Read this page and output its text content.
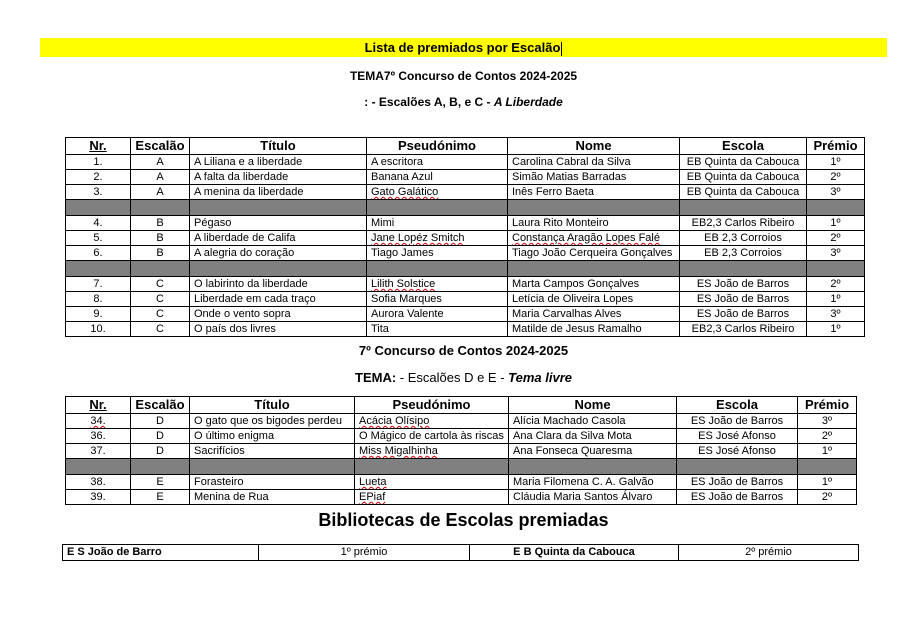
Lista de premiados por Escalão
TEMA7º Concurso de Contos 2024-2025
: - Escalões A, B, e C - A Liberdade
Nr.	Escalão	Título	Pseudónimo	Nome	Escola	Prémio
1.	A	A Liliana e a liberdade	A escritora	Carolina Cabral da Silva	EB Quinta da Cabouca	1º
2.	A	A falta da liberdade	Banana Azul	Simão Matias Barradas	EB Quinta da Cabouca	2º
3.	A	A menina da liberdade	Gato Galático	Inês Ferro Baeta	EB Quinta da Cabouca	3º

4.	B	Pégaso	Mimi	Laura Rito Monteiro	EB2,3 Carlos Ribeiro	1º
5.	B	A liberdade de Califa	Jane Lopéz Smitch	Constança Aragão Lopes Falé	EB 2,3 Corroios	2º
6.	B	A alegria do coração	Tiago James	Tiago João Cerqueira Gonçalves	EB 2,3 Corroios	3º

7.	C	O labirinto da liberdade	Lilith Solstice	Marta Campos Gonçalves	ES João de Barros	2º
8.	C	Liberdade em cada traço	Sofia Marques	Letícia de Oliveira Lopes	ES João de Barros	1º
9.	C	Onde o vento sopra	Aurora Valente	Maria Carvalhas Alves	ES João de Barros	3º
10.	C	O país dos livres	Tita	Matilde de Jesus Ramalho	EB2,3 Carlos Ribeiro	1º
7º Concurso de Contos 2024-2025
TEMA: - Escalões D e E - Tema livre
Nr.	Escalão	Título	Pseudónimo	Nome	Escola	Prémio
34.	D	O gato que os bigodes perdeu	Acácia Olísipo	Alícia Machado Casola	ES João de Barros	3º
36.	D	O último enigma	O Mágico de cartola às riscas	Ana Clara da Silva Mota	ES José Afonso	2º
37.	D	Sacrifícios	Miss Migalhinha	Ana Fonseca Quaresma	ES José Afonso	1º

38.	E	Forasteiro	Lueta	Maria Filomena C. A. Galvão	ES João de Barros	1º
39.	E	Menina de Rua	EPiaf	Cláudia Maria Santos Álvaro	ES João de Barros	2º
Bibliotecas de Escolas premiadas
E S João de Barro	1º prémio	E B Quinta da Cabouca	2º prémio
